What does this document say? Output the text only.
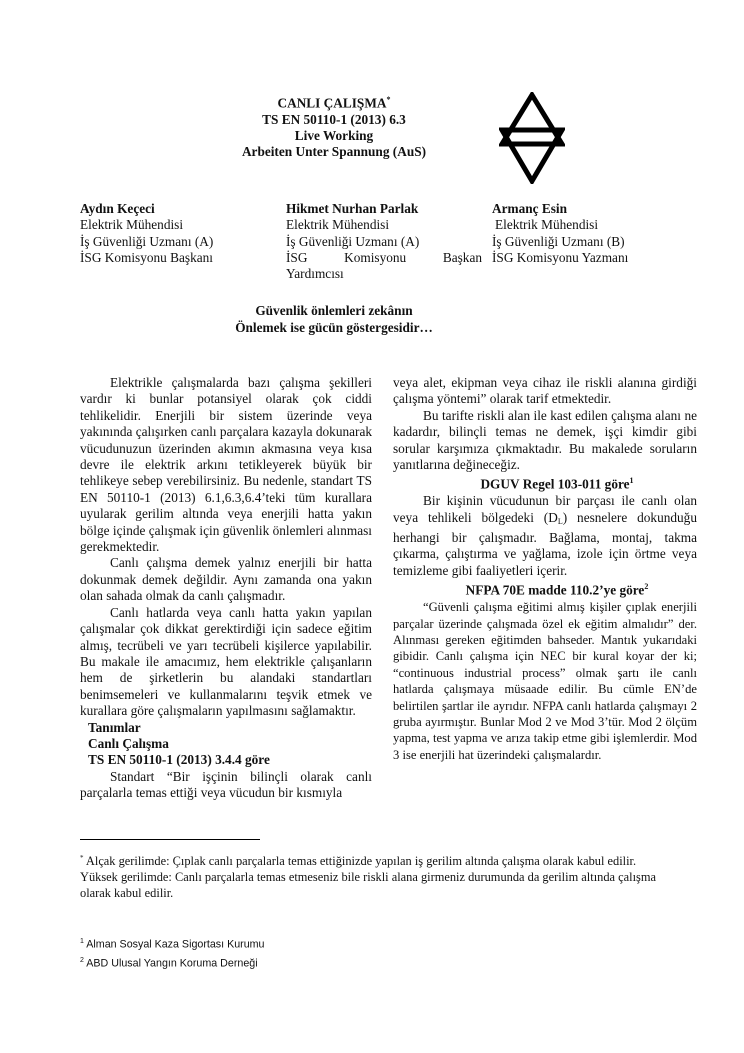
CANLI ÇALIŞMA*
TS EN 50110-1 (2013) 6.3
Live Working
Arbeiten Unter Spannung (AuS)
Aydın Keçeci
Elektrik Mühendisi
İş Güvenliği Uzmanı (A)
İSG Komisyonu Başkanı
Hikmet Nurhan Parlak
Elektrik Mühendisi
İş Güvenliği Uzmanı (A)
İSG Komisyonu Başkan
Yardımcısı
Armanç Esin
Elektrik Mühendisi
İş Güvenliği Uzmanı (B)
İSG Komisyonu Yazmanı
Güvenlik önlemleri zekânın
Önlemek ise gücün göstergesidir…

Elektrikle çalışmalarda bazı çalışma şekilleri vardır ki bunlar potansiyel olarak çok ciddi tehlikelidir. Enerjili bir sistem üzerinde veya yakınında çalışırken canlı parçalara kazayla dokunarak vücudunuzun üzerinden akımın akmasına veya kısa devre ile elektrik arkını tetikleyerek büyük bir tehlikeye sebep verebilirsiniz. Bu nedenle, standart TS EN 50110-1 (2013) 6.1,6.3,6.4’teki tüm kurallara uyularak gerilim altında veya enerjili hatta yakın bölge içinde çalışmak için güvenlik önlemleri alınması gerekmektedir.

Canlı çalışma demek yalnız enerjili bir hatta dokunmak demek değildir. Aynı zamanda ona yakın olan sahada olmak da canlı çalışmadır.

Canlı hatlarda veya canlı hatta yakın yapılan çalışmalar çok dikkat gerektirdiği için sadece eğitim almış, tecrübeli ve yarı tecrübeli kişilerce yapılabilir. Bu makale ile amacımız, hem elektrikle çalışanların hem de şirketlerin bu alandaki standartları benimsemeleri ve kullanmalarını teşvik etmek ve kurallara göre çalışmaların yapılmasını sağlamaktır.

Tanımlar
Canlı Çalışma
TS EN 50110-1 (2013) 3.4.4 göre

Standart “Bir işçinin bilinçli olarak canlı parçalarla temas ettiği veya vücudun bir kısmıyla

veya alet, ekipman veya cihaz ile riskli alanına girdiği çalışma yöntemi” olarak tarif etmektedir.

Bu tarifte riskli alan ile kast edilen çalışma alanı ne kadardır, bilinçli temas ne demek, işçi kimdir gibi sorular karşımıza çıkmaktadır. Bu makalede soruların yanıtlarına değineceğiz.

DGUV Regel 103-011 göre$^1$

Bir kişinin vücudunun bir parçası ile canlı olan veya tehlikeli bölgedeki $(D_L)$ nesnelere dokunduğu herhangi bir çalışmadır. Bağlama, montaj, takma çıkarma, çalıştırma ve yağlama, izole için örtme veya temizleme gibi faaliyetleri içerir.

NFPA 70E madde 110.2’ye göre$^2$

“Güvenli çalışma eğitimi almış kişiler çıplak enerjili parçalar üzerinde çalışmada özel ek eğitim almalıdır” der. Alınması gereken eğitimden bahseder. Mantık yukarıdaki gibidir. Canlı çalışma için NEC bir kural koyar der ki; “continuous industrial process” olmak şartı ile canlı hatlarda çalışmaya müsaade edilir. Bu cümle EN’de belirtilen şartlar ile ayrıdır. NFPA canlı hatlarda çalışmayı 2 gruba ayırmıştır. Bunlar Mod 2 ve Mod 3’tür. Mod 2 ölçüm yapma, test yapma ve arıza takip etme gibi işlemlerdir. Mod 3 ise enerjili hat üzerindeki çalışmalardır.

* Alçak gerilimde: Çıplak canlı parçalarla temas ettiğinizde yapılan iş gerilim altında çalışma olarak kabul edilir.

Yüksek gerilimde: Canlı parçalarla temas etmeseniz bile riskli alana girmeniz durumunda da gerilim altında çalışma olarak kabul edilir.

$^1$ Alman Sosyal Kaza Sigortası Kurumu

$^2$ ABD Ulusal Yangın Koruma Derneği
